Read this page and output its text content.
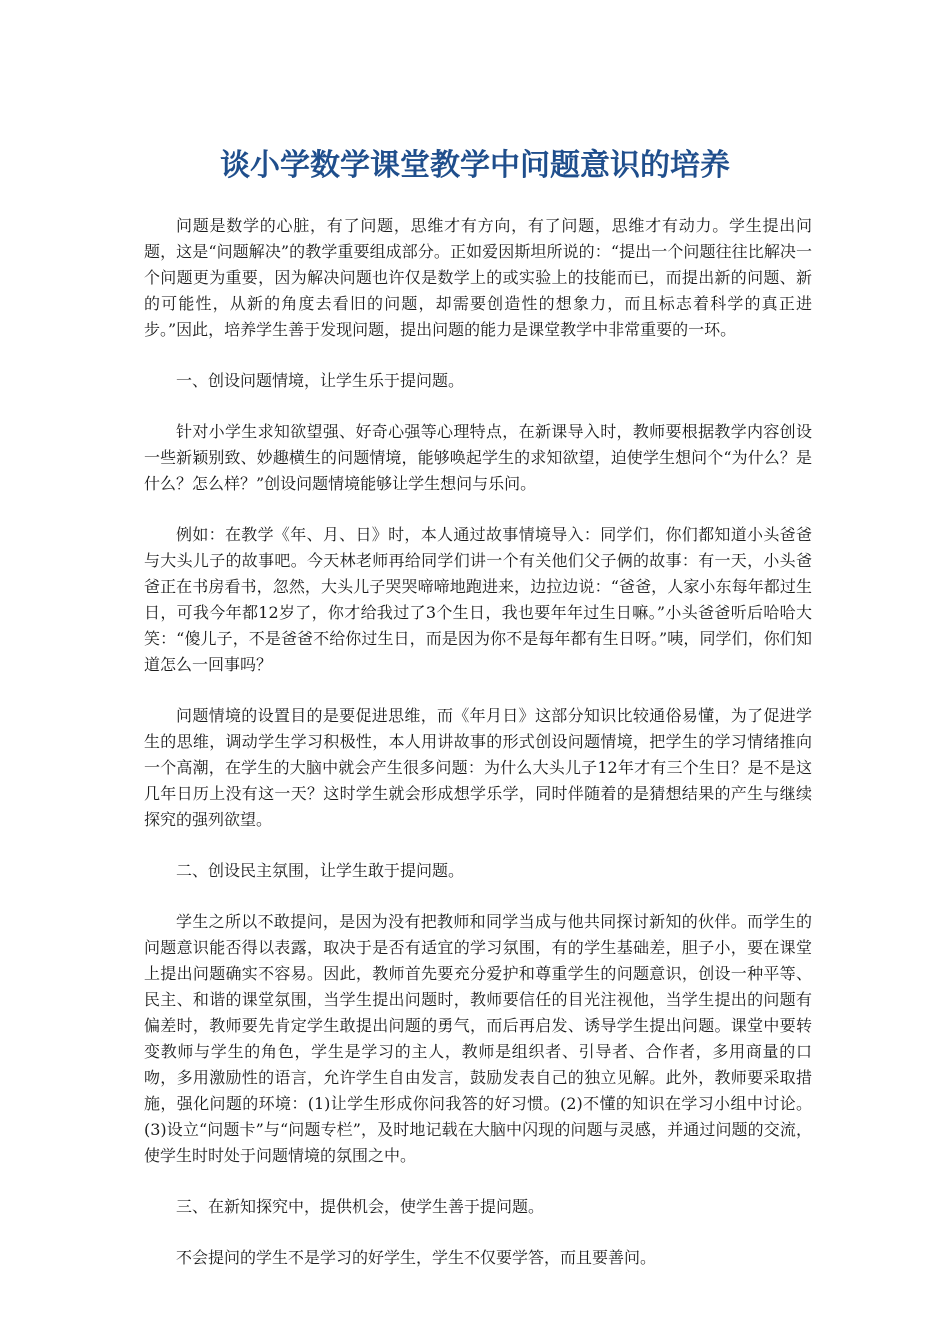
谈小学数学课堂教学中问题意识的培养

问题是数学的心脏，有了问题，思维才有方向，有了问题，思维才有动力。学生提出问题，这是“问题解决”的教学重要组成部分。正如爱因斯坦所说的：“提出一个问题往往比解决一个问题更为重要，因为解决问题也许仅是数学上的或实验上的技能而已，而提出新的问题、新的可能性，从新的角度去看旧的问题，却需要创造性的想象力，而且标志着科学的真正进步。”因此，培养学生善于发现问题，提出问题的能力是课堂教学中非常重要的一环。

一、创设问题情境，让学生乐于提问题。

针对小学生求知欲望强、好奇心强等心理特点，在新课导入时，教师要根据教学内容创设一些新颖别致、妙趣横生的问题情境，能够唤起学生的求知欲望，迫使学生想问个“为什么？是什么？怎么样？”创设问题情境能够让学生想问与乐问。

例如：在教学《年、月、日》时，本人通过故事情境导入：同学们，你们都知道小头爸爸与大头儿子的故事吧。今天林老师再给同学们讲一个有关他们父子俩的故事：有一天，小头爸爸正在书房看书，忽然，大头儿子哭哭啼啼地跑进来，边拉边说：“爸爸，人家小东每年都过生日，可我今年都12岁了，你才给我过了3个生日，我也要年年过生日嘛。”小头爸爸听后哈哈大笑：“傻儿子，不是爸爸不给你过生日，而是因为你不是每年都有生日呀。”咦，同学们，你们知道怎么一回事吗？

问题情境的设置目的是要促进思维，而《年月日》这部分知识比较通俗易懂，为了促进学生的思维，调动学生学习积极性，本人用讲故事的形式创设问题情境，把学生的学习情绪推向一个高潮，在学生的大脑中就会产生很多问题：为什么大头儿子12年才有三个生日？是不是这几年日历上没有这一天？这时学生就会形成想学乐学，同时伴随着的是猜想结果的产生与继续探究的强列欲望。

二、创设民主氛围，让学生敢于提问题。

学生之所以不敢提问，是因为没有把教师和同学当成与他共同探讨新知的伙伴。而学生的问题意识能否得以表露，取决于是否有适宜的学习氛围，有的学生基础差，胆子小，要在课堂上提出问题确实不容易。因此，教师首先要充分爱护和尊重学生的问题意识，创设一种平等、民主、和谐的课堂氛围，当学生提出问题时，教师要信任的目光注视他，当学生提出的问题有偏差时，教师要先肯定学生敢提出问题的勇气，而后再启发、诱导学生提出问题。课堂中要转变教师与学生的角色，学生是学习的主人，教师是组织者、引导者、合作者，多用商量的口吻，多用激励性的语言，允许学生自由发言，鼓励发表自己的独立见解。此外，教师要采取措施，强化问题的环境：(1)让学生形成你问我答的好习惯。(2)不懂的知识在学习小组中讨论。(3)设立“问题卡”与“问题专栏”，及时地记载在大脑中闪现的问题与灵感，并通过问题的交流，使学生时时处于问题情境的氛围之中。

三、在新知探究中，提供机会，使学生善于提问题。

不会提问的学生不是学习的好学生，学生不仅要学答，而且要善问。
